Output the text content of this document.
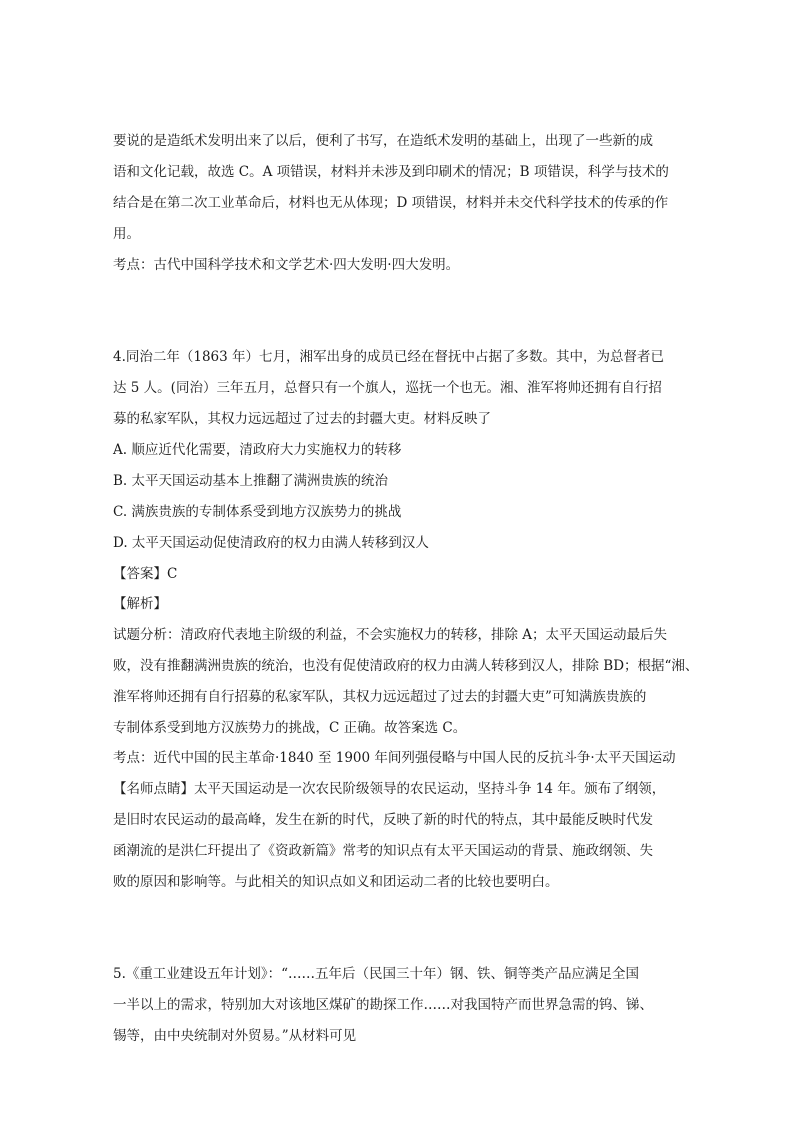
要说的是造纸术发明出来了以后，便利了书写，在造纸术发明的基础上，出现了一些新的成
语和文化记载，故选 C。A 项错误，材料并未涉及到印刷术的情况；B 项错误，科学与技术的
结合是在第二次工业革命后，材料也无从体现；D 项错误，材料并未交代科学技术的传承的作
用。
考点：古代中国科学技术和文学艺术·四大发明·四大发明。
4.同治二年（1863 年）七月，湘军出身的成员已经在督抚中占据了多数。其中，为总督者已
达 5 人。(同治）三年五月，总督只有一个旗人，巡抚一个也无。湘、淮军将帅还拥有自行招
募的私家军队，其权力远远超过了过去的封疆大吏。材料反映了
A. 顺应近代化需要，清政府大力实施权力的转移
B. 太平天国运动基本上推翻了满洲贵族的统治
C. 满族贵族的专制体系受到地方汉族势力的挑战
D. 太平天国运动促使清政府的权力由满人转移到汉人
【答案】C
【解析】
试题分析：清政府代表地主阶级的利益，不会实施权力的转移，排除 A；太平天国运动最后失
败，没有推翻满洲贵族的统治，也没有促使清政府的权力由满人转移到汉人，排除 BD；根据“湘、
淮军将帅还拥有自行招募的私家军队，其权力远远超过了过去的封疆大吏”可知满族贵族的
专制体系受到地方汉族势力的挑战，C 正确。故答案选 C。
考点：近代中国的民主革命·1840 至 1900 年间列强侵略与中国人民的反抗斗争·太平天国运动
【名师点睛】太平天国运动是一次农民阶级领导的农民运动，坚持斗争 14 年。颁布了纲领，
是旧时农民运动的最高峰，发生在新的时代，反映了新的时代的特点，其中最能反映时代发
函潮流的是洪仁玕提出了《资政新篇》常考的知识点有太平天国运动的背景、施政纲领、失
败的原因和影响等。与此相关的知识点如义和团运动二者的比较也要明白。
5.《重工业建设五年计划》：“……五年后（民国三十年）钢、铁、铜等类产品应满足全国
一半以上的需求，特别加大对该地区煤矿的勘探工作……对我国特产而世界急需的钨、锑、
锡等，由中央统制对外贸易。”从材料可见
